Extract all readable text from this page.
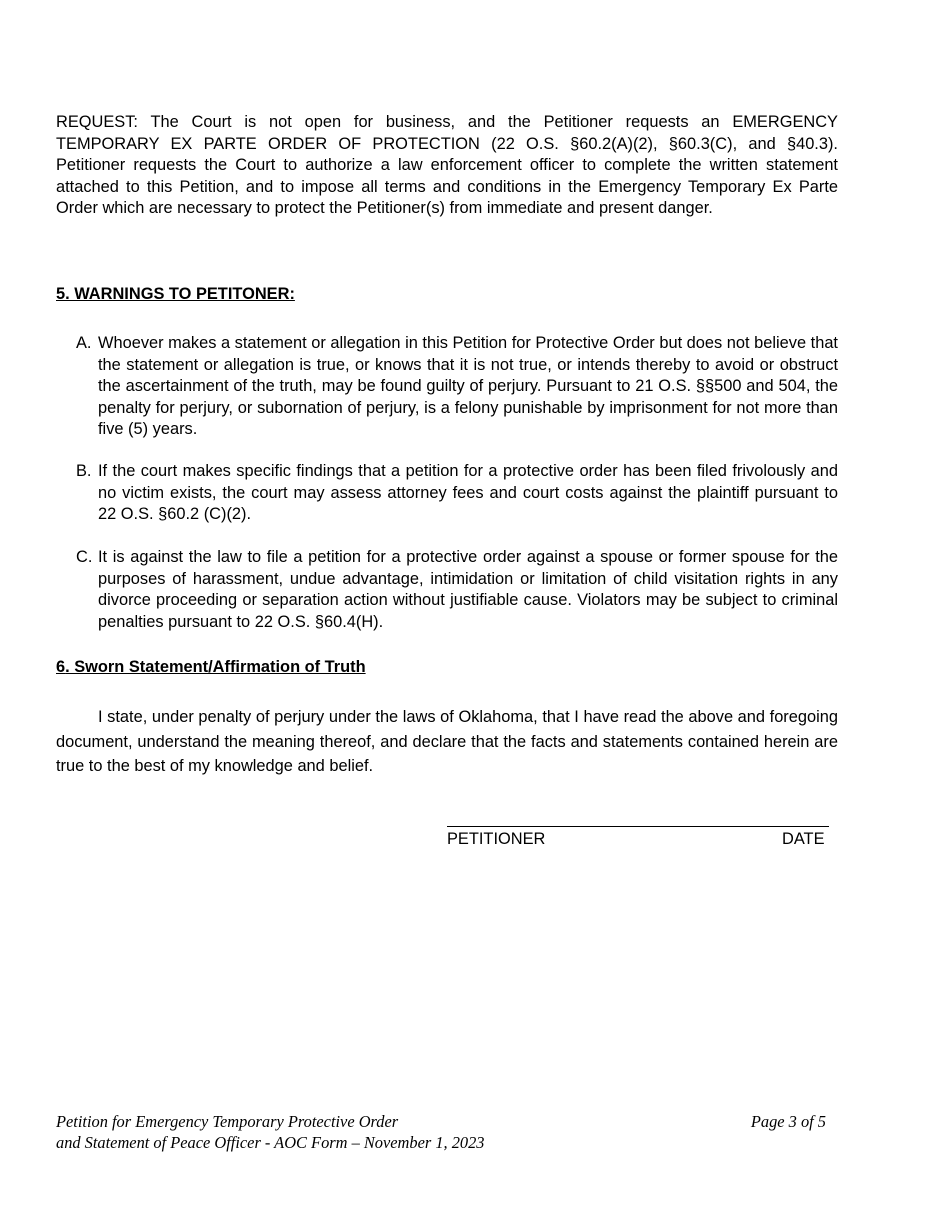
REQUEST: The Court is not open for business, and the Petitioner requests an EMERGENCY TEMPORARY EX PARTE ORDER OF PROTECTION (22 O.S. §60.2(A)(2), §60.3(C), and §40.3). Petitioner requests the Court to authorize a law enforcement officer to complete the written statement attached to this Petition, and to impose all terms and conditions in the Emergency Temporary Ex Parte Order which are necessary to protect the Petitioner(s) from immediate and present danger.

5. WARNINGS TO PETITONER:
A. Whoever makes a statement or allegation in this Petition for Protective Order but does not believe that the statement or allegation is true, or knows that it is not true, or intends thereby to avoid or obstruct the ascertainment of the truth, may be found guilty of perjury. Pursuant to 21 O.S. §§500 and 504, the penalty for perjury, or subornation of perjury, is a felony punishable by imprisonment for not more than five (5) years.
B. If the court makes specific findings that a petition for a protective order has been filed frivolously and no victim exists, the court may assess attorney fees and court costs against the plaintiff pursuant to 22 O.S. §60.2 (C)(2).
C. It is against the law to file a petition for a protective order against a spouse or former spouse for the purposes of harassment, undue advantage, intimidation or limitation of child visitation rights in any divorce proceeding or separation action without justifiable cause. Violators may be subject to criminal penalties pursuant to 22 O.S. §60.4(H).
6. Sworn Statement/Affirmation of Truth

I state, under penalty of perjury under the laws of Oklahoma, that I have read the above and foregoing document, understand the meaning thereof, and declare that the facts and statements contained herein are true to the best of my knowledge and belief.

PETITIONER	DATE
Petition for Emergency Temporary Protective Order
and Statement of Peace Officer - AOC Form – November 1, 2023
Page 3 of 5
